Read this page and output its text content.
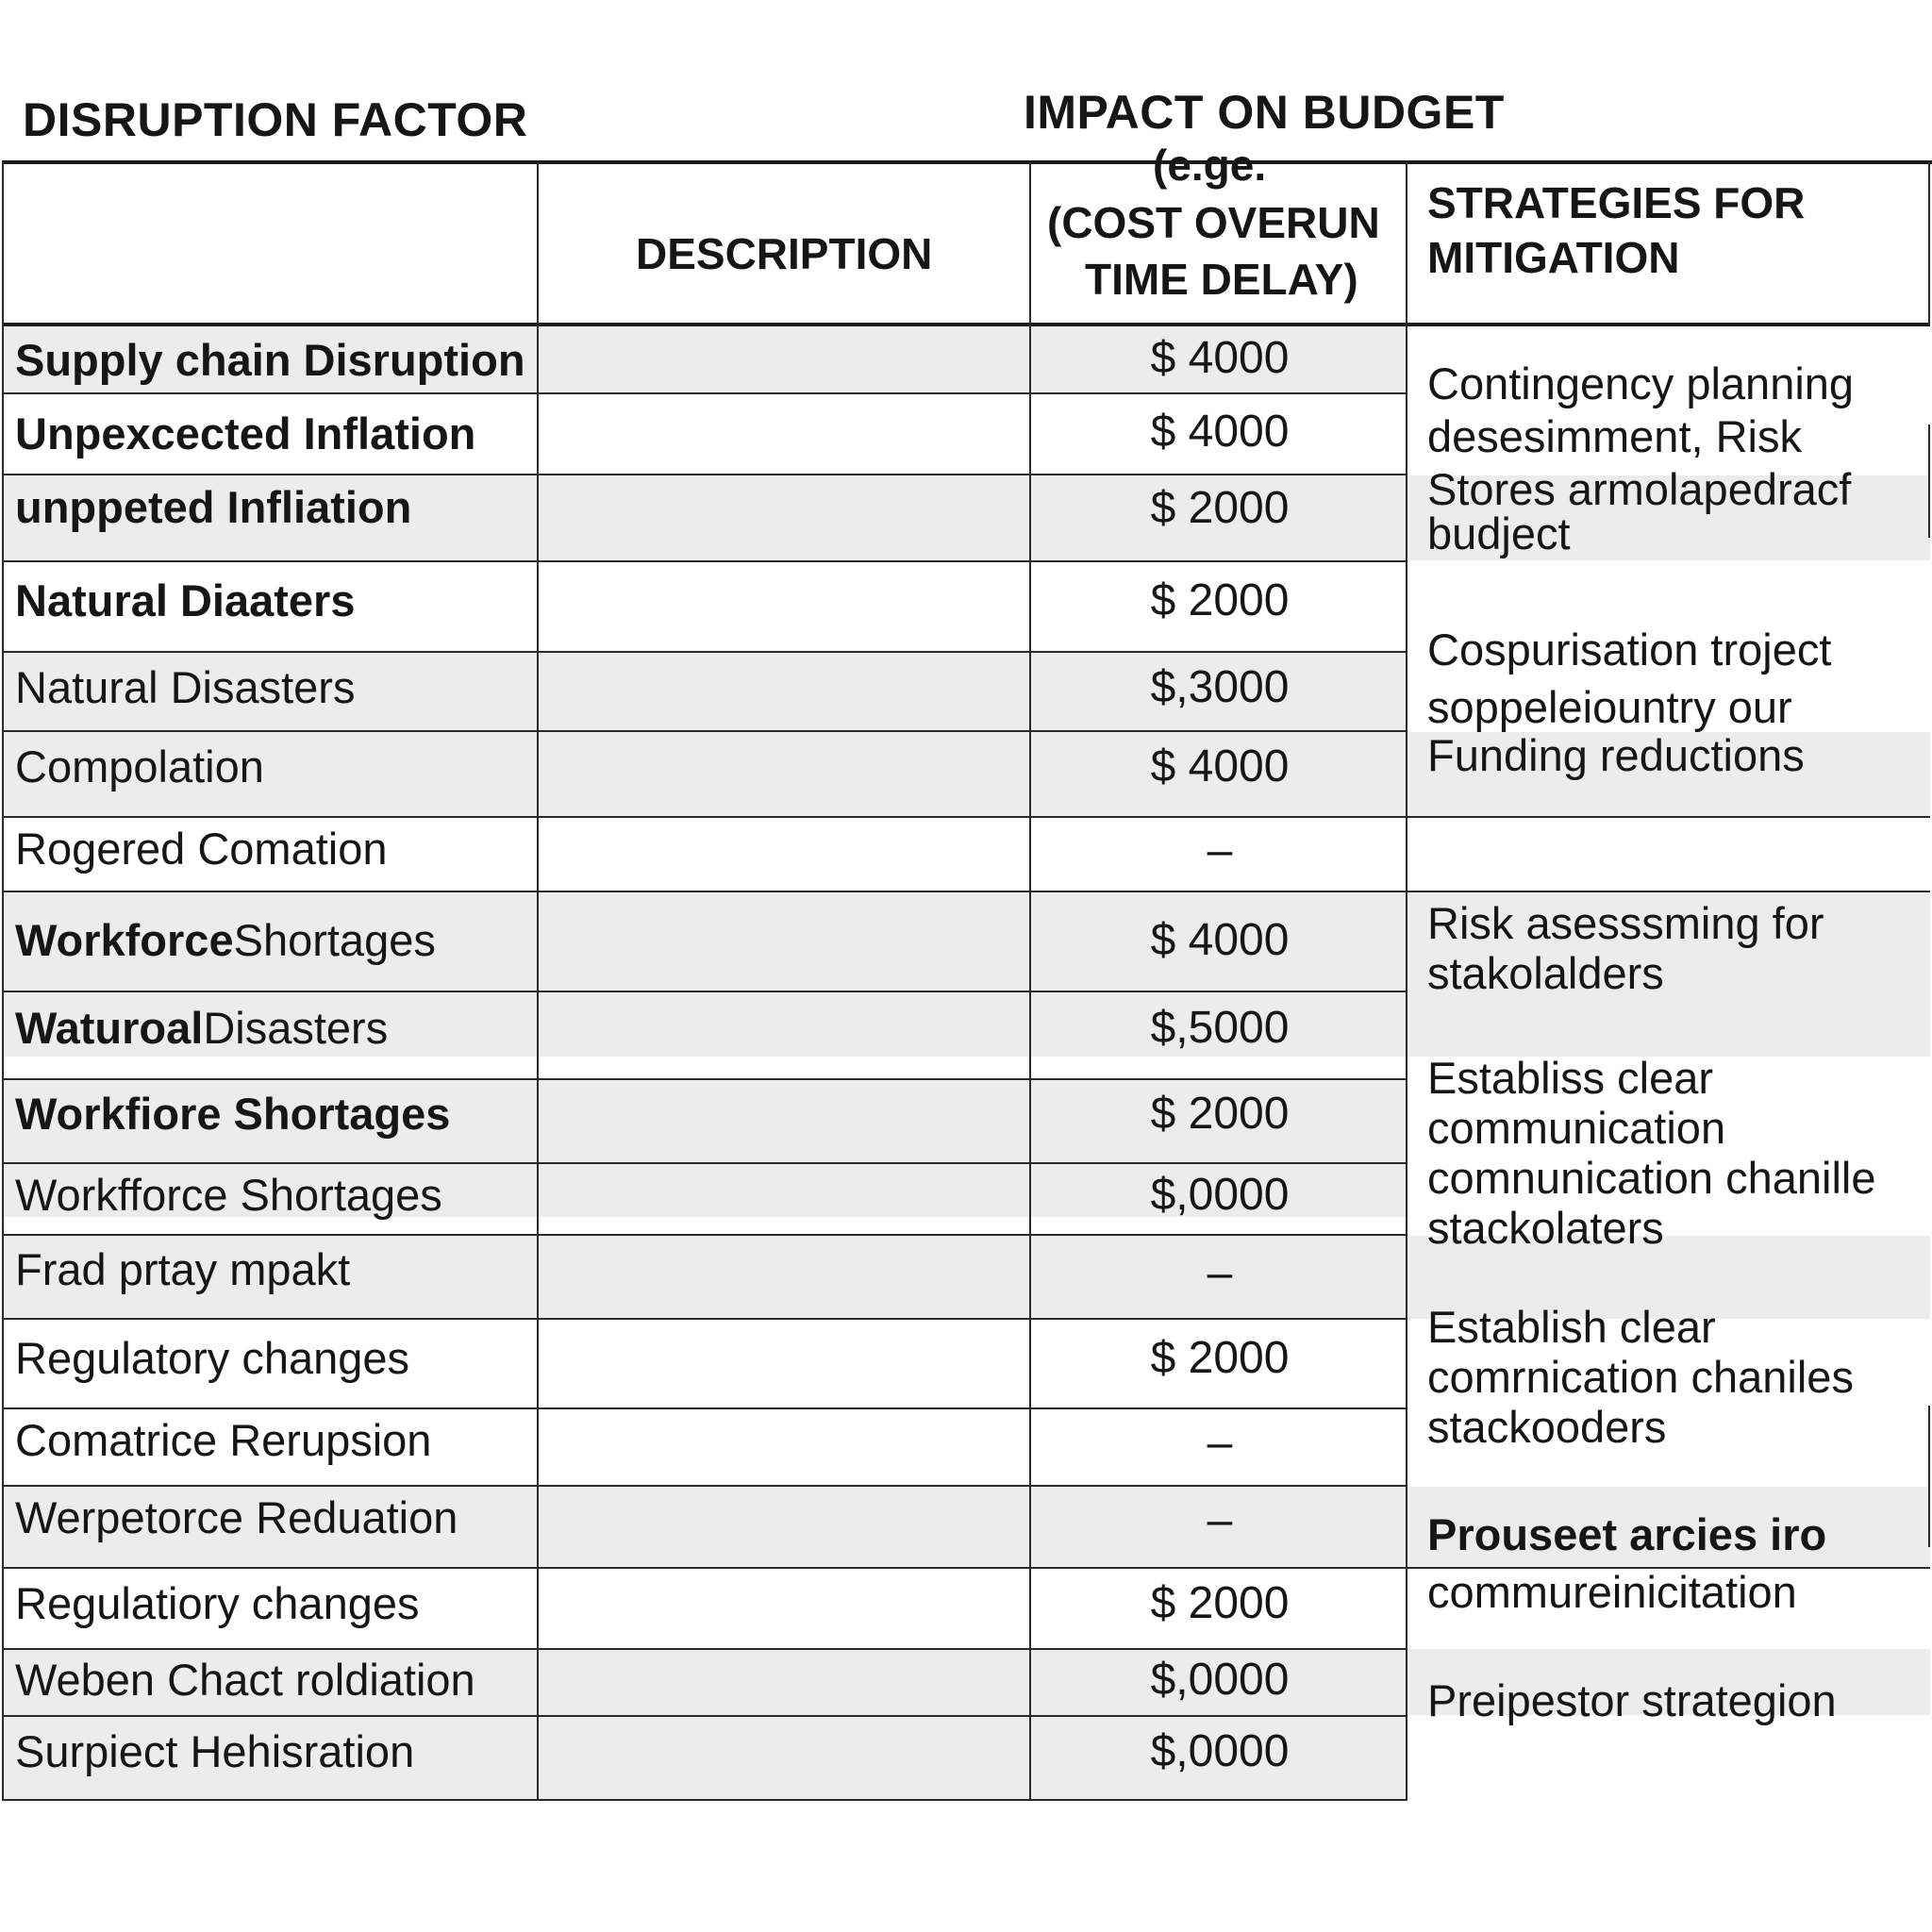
DISRUPTION FACTOR	IMPACT ON BUDGET
DESCRIPTION
(e.ge.
(COST OVERUN
TIME DELAY)
STRATEGIES FOR
MITIGATION
Supply chain Disruption
Unpexcected Inflation
unppeted Infliation
Natural Diaaters
Natural Disasters
Compolation
Rogered Comation
Workforce Shortages
Waturoal Disasters
Workfiore Shortages
Workfforce Shortages
Frad prtay mpakt
Regulatory changes
Comatrice Rerupsion
Werpetorce Reduation
Regulatiory changes
Weben Chact roldiation
Surpiect Hehisration
$ 4000
$ 4000
$ 2000
$ 2000
$,3000
$ 4000
–
$ 4000
$,5000
$ 2000
$,0000
–
$ 2000
–
–
$ 2000
$,0000
$,0000
Contingency planning
desesimment, Risk
Stores armolapedracf
budject
Cospurisation troject
soppeleiountry our
Funding reductions
Risk asesssming for
stakolalders
Establiss clear
communication
comnunication chanille
stackolaters
Establish clear
comrnication chaniles
stackooders
Prouseet arcies iro
commureinicitation
Preipestor strategion
